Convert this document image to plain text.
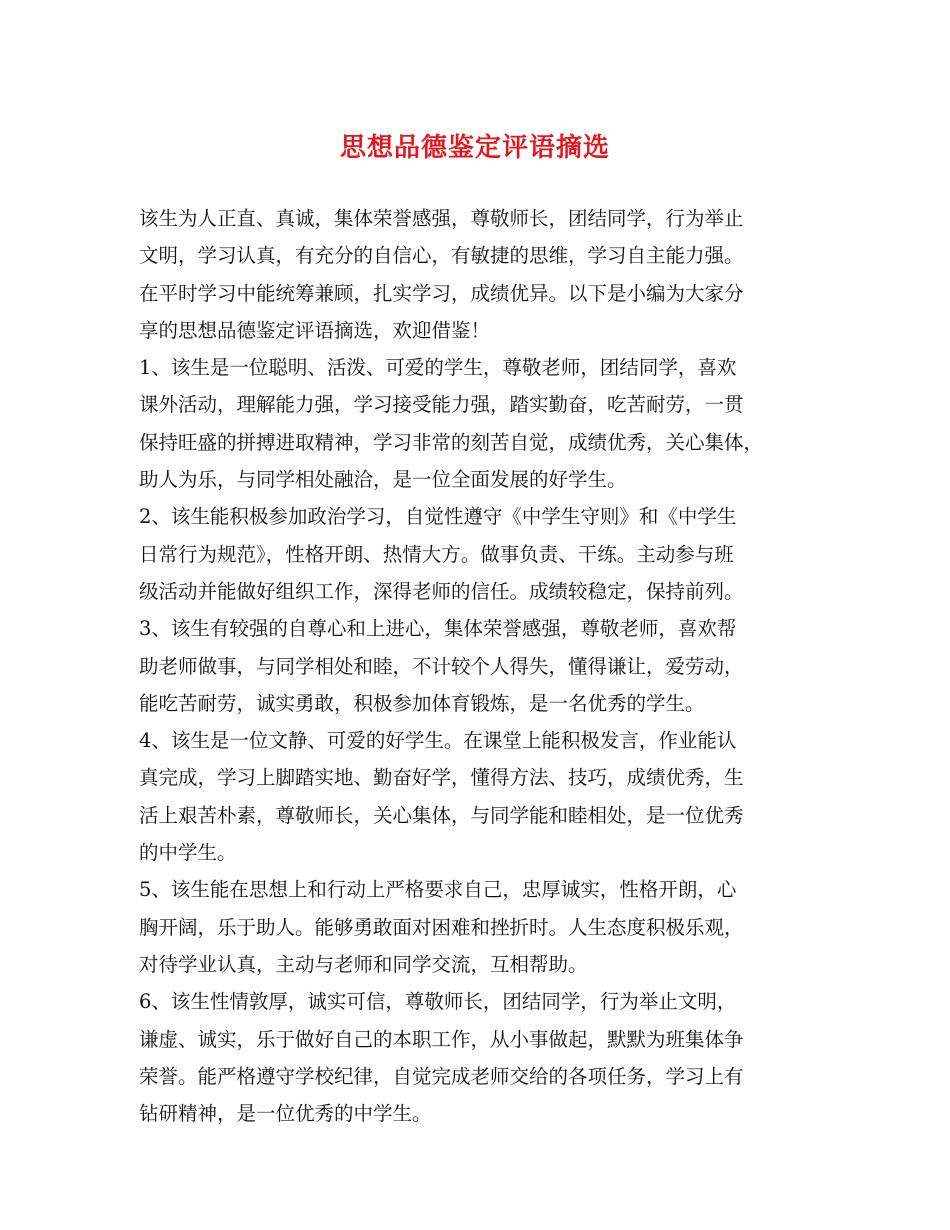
思想品德鉴定评语摘选
该生为人正直、真诚，集体荣誉感强，尊敬师长，团结同学，行为举止
文明，学习认真，有充分的自信心，有敏捷的思维，学习自主能力强。
在平时学习中能统筹兼顾，扎实学习，成绩优异。以下是小编为大家分
享的思想品德鉴定评语摘选，欢迎借鉴！
1、该生是一位聪明、活泼、可爱的学生，尊敬老师，团结同学，喜欢
课外活动，理解能力强，学习接受能力强，踏实勤奋，吃苦耐劳，一贯
保持旺盛的拼搏进取精神，学习非常的刻苦自觉，成绩优秀，关心集体，
助人为乐，与同学相处融洽，是一位全面发展的好学生。
2、该生能积极参加政治学习，自觉性遵守《中学生守则》和《中学生
日常行为规范》，性格开朗、热情大方。做事负责、干练。主动参与班
级活动并能做好组织工作，深得老师的信任。成绩较稳定，保持前列。
3、该生有较强的自尊心和上进心，集体荣誉感强，尊敬老师，喜欢帮
助老师做事，与同学相处和睦，不计较个人得失，懂得谦让，爱劳动，
能吃苦耐劳，诚实勇敢，积极参加体育锻炼，是一名优秀的学生。
4、该生是一位文静、可爱的好学生。在课堂上能积极发言，作业能认
真完成，学习上脚踏实地、勤奋好学，懂得方法、技巧，成绩优秀，生
活上艰苦朴素，尊敬师长，关心集体，与同学能和睦相处，是一位优秀
的中学生。
5、该生能在思想上和行动上严格要求自己，忠厚诚实，性格开朗，心
胸开阔，乐于助人。能够勇敢面对困难和挫折时。人生态度积极乐观，
对待学业认真，主动与老师和同学交流，互相帮助。
6、该生性情敦厚，诚实可信，尊敬师长，团结同学，行为举止文明，
谦虚、诚实，乐于做好自己的本职工作，从小事做起，默默为班集体争
荣誉。能严格遵守学校纪律，自觉完成老师交给的各项任务，学习上有
钻研精神，是一位优秀的中学生。
